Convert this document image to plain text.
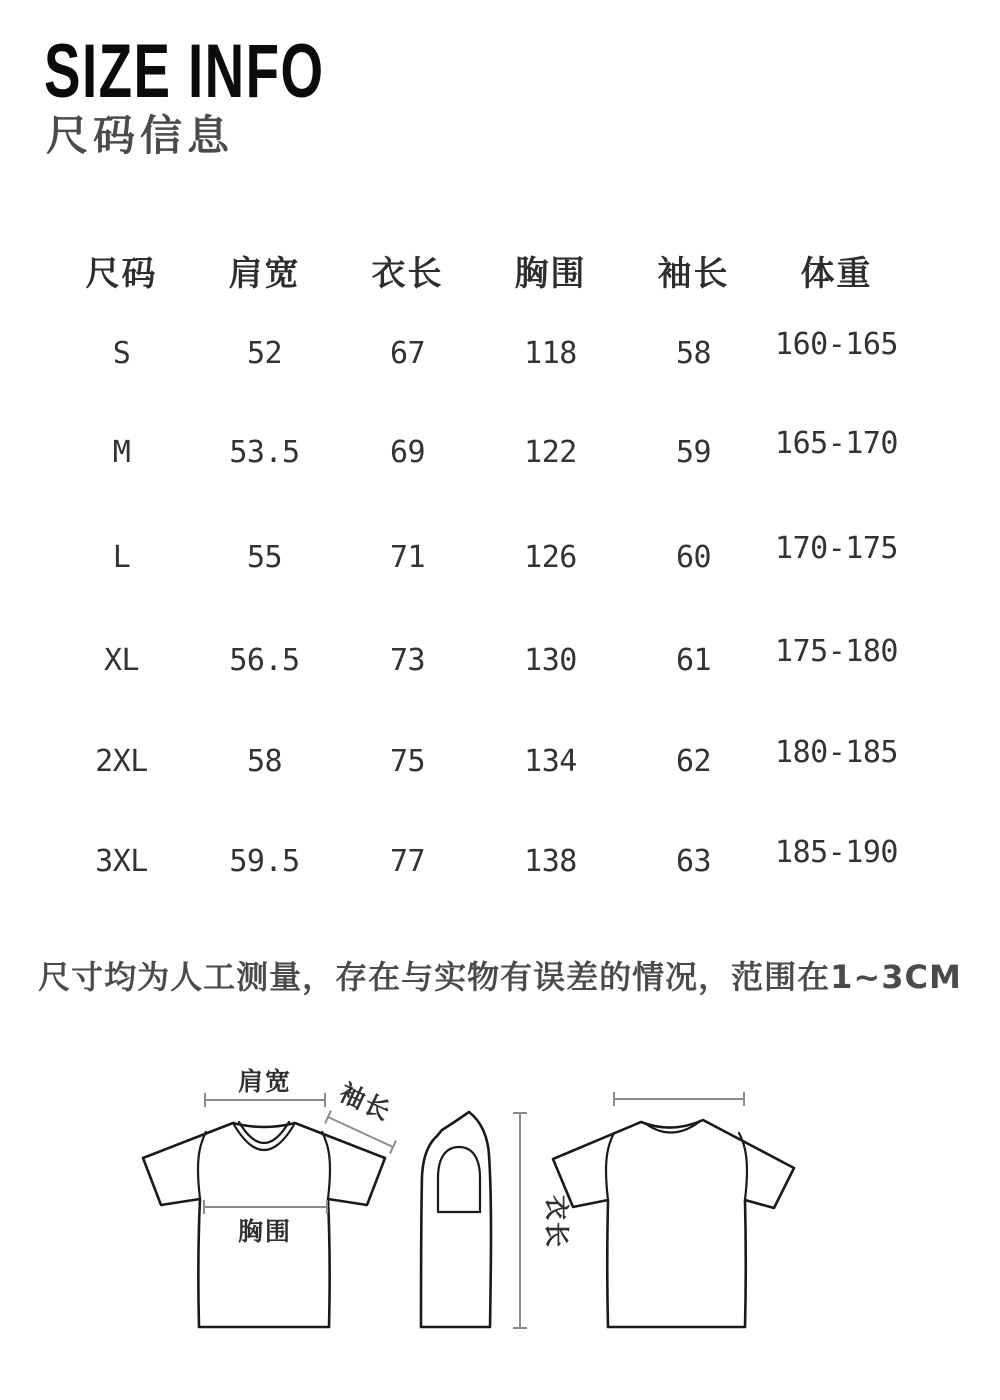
SIZE INFO
尺码信息
尺码	肩宽	衣长	胸围	袖长	体重
S	52	67	118	58	160-165
M	53.5	69	122	59	165-170
L	55	71	126	60	170-175
XL	56.5	73	130	61	175-180
2XL	58	75	134	62	180-185
3XL	59.5	77	138	63	185-190
尺寸均为人工测量，存在与实物有误差的情况，范围在1~3CM
肩宽 袖长
胸围	衣长
